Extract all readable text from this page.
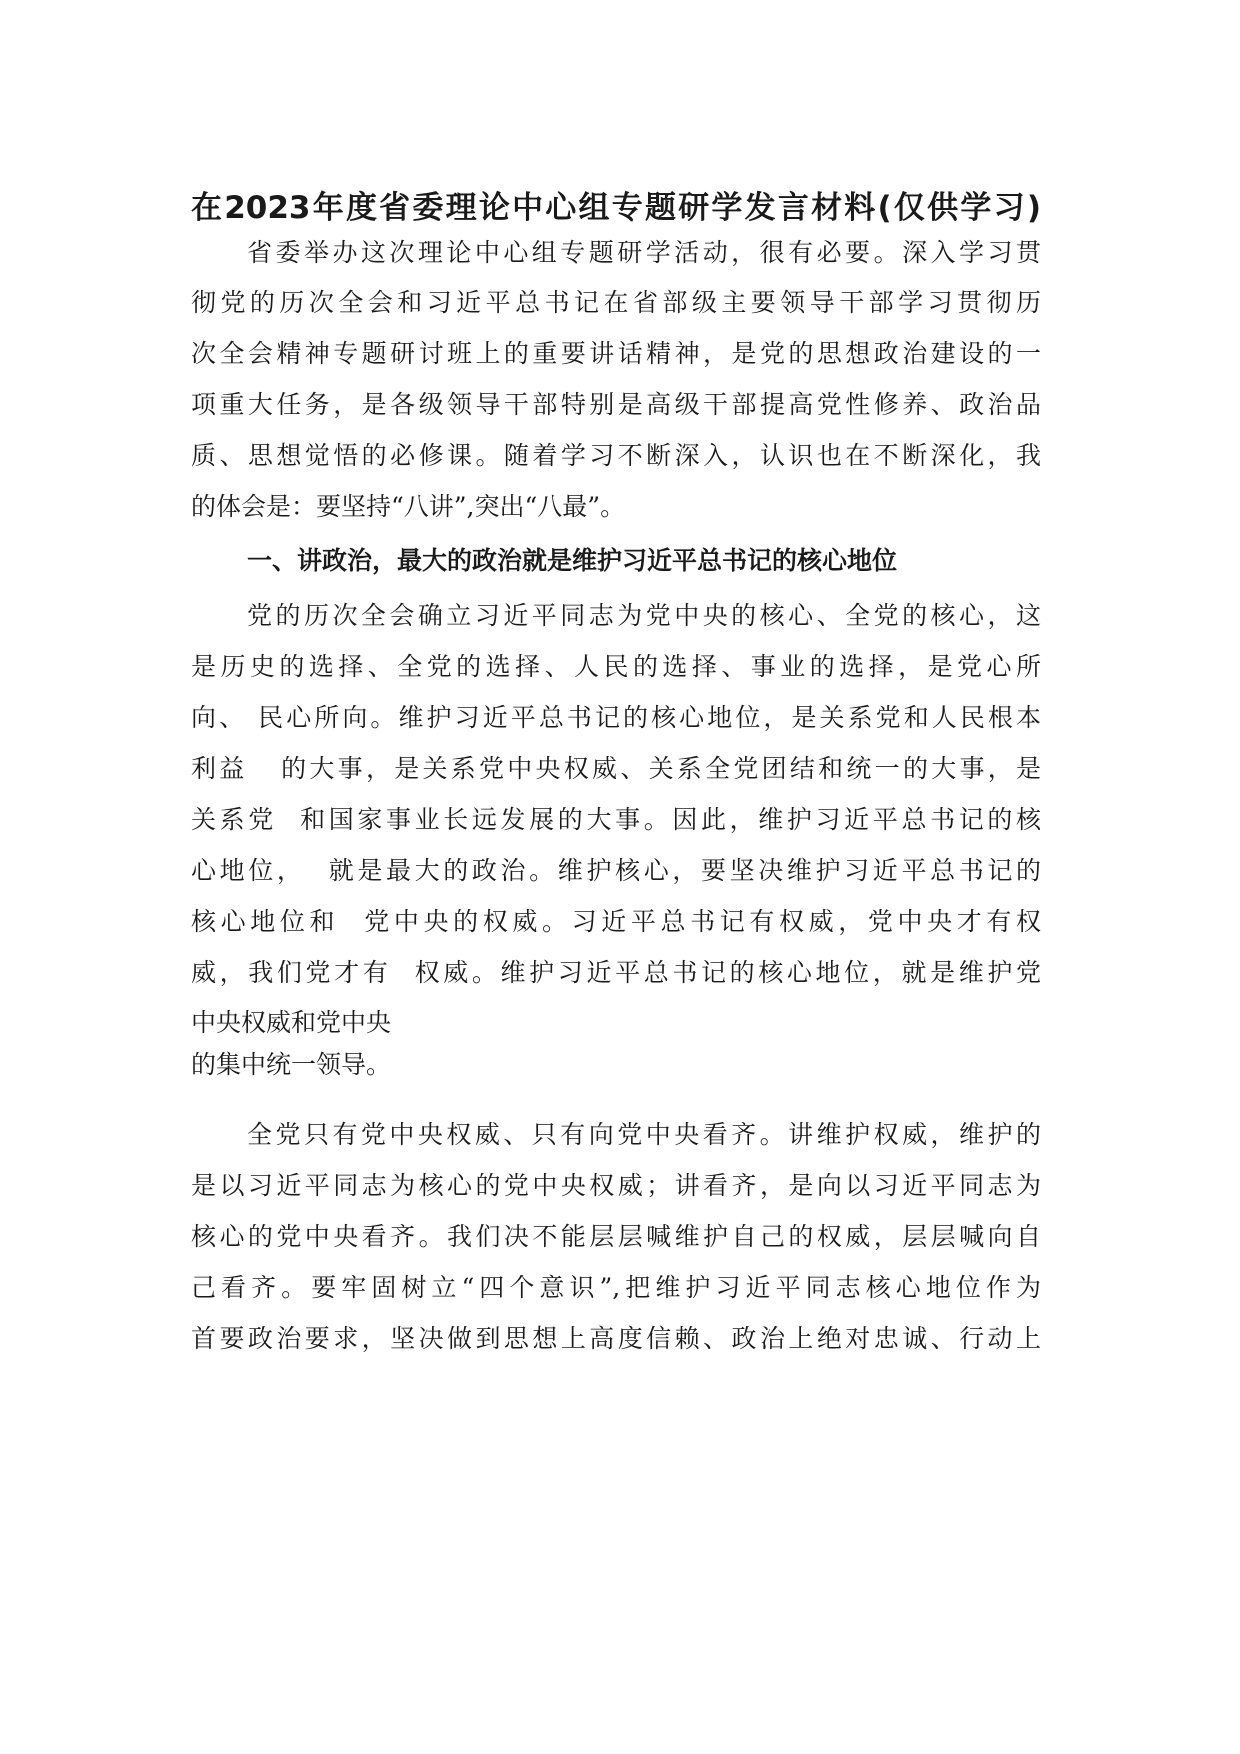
在2023年度省委理论中心组专题研学发言材料(仅供学习)
省委举办这次理论中心组专题研学活动，很有必要。深入学习贯
彻党的历次全会和习近平总书记在省部级主要领导干部学习贯彻历
次全会精神专题研讨班上的重要讲话精神，是党的思想政治建设的一
项重大任务，是各级领导干部特别是高级干部提高党性修养、政治品
质、思想觉悟的必修课。随着学习不断深入，认识也在不断深化，我
的体会是：要坚持“八讲”,突出“八最”。
一、讲政治，最大的政治就是维护习近平总书记的核心地位
党的历次全会确立习近平同志为党中央的核心、全党的核心，这
是历史的选择、全党的选择、人民的选择、事业的选择，是党心所
向、 民心所向。维护习近平总书记的核心地位，是关系党和人民根本
利益   的大事，是关系党中央权威、关系全党团结和统一的大事，是
关系党  和国家事业长远发展的大事。因此，维护习近平总书记的核
心地位，  就是最大的政治。维护核心，要坚决维护习近平总书记的
核心地位和  党中央的权威。习近平总书记有权威，党中央才有权
威，我们党才有  权威。维护习近平总书记的核心地位，就是维护党
中央权威和党中央
的集中统一领导。
全党只有党中央权威、只有向党中央看齐。讲维护权威，维护的
是以习近平同志为核心的党中央权威；讲看齐，是向以习近平同志为
核心的党中央看齐。我们决不能层层喊维护自己的权威，层层喊向自
己看齐。要牢固树立“四个意识”,把维护习近平同志核心地位作为
首要政治要求，坚决做到思想上高度信赖、政治上绝对忠诚、行动上
